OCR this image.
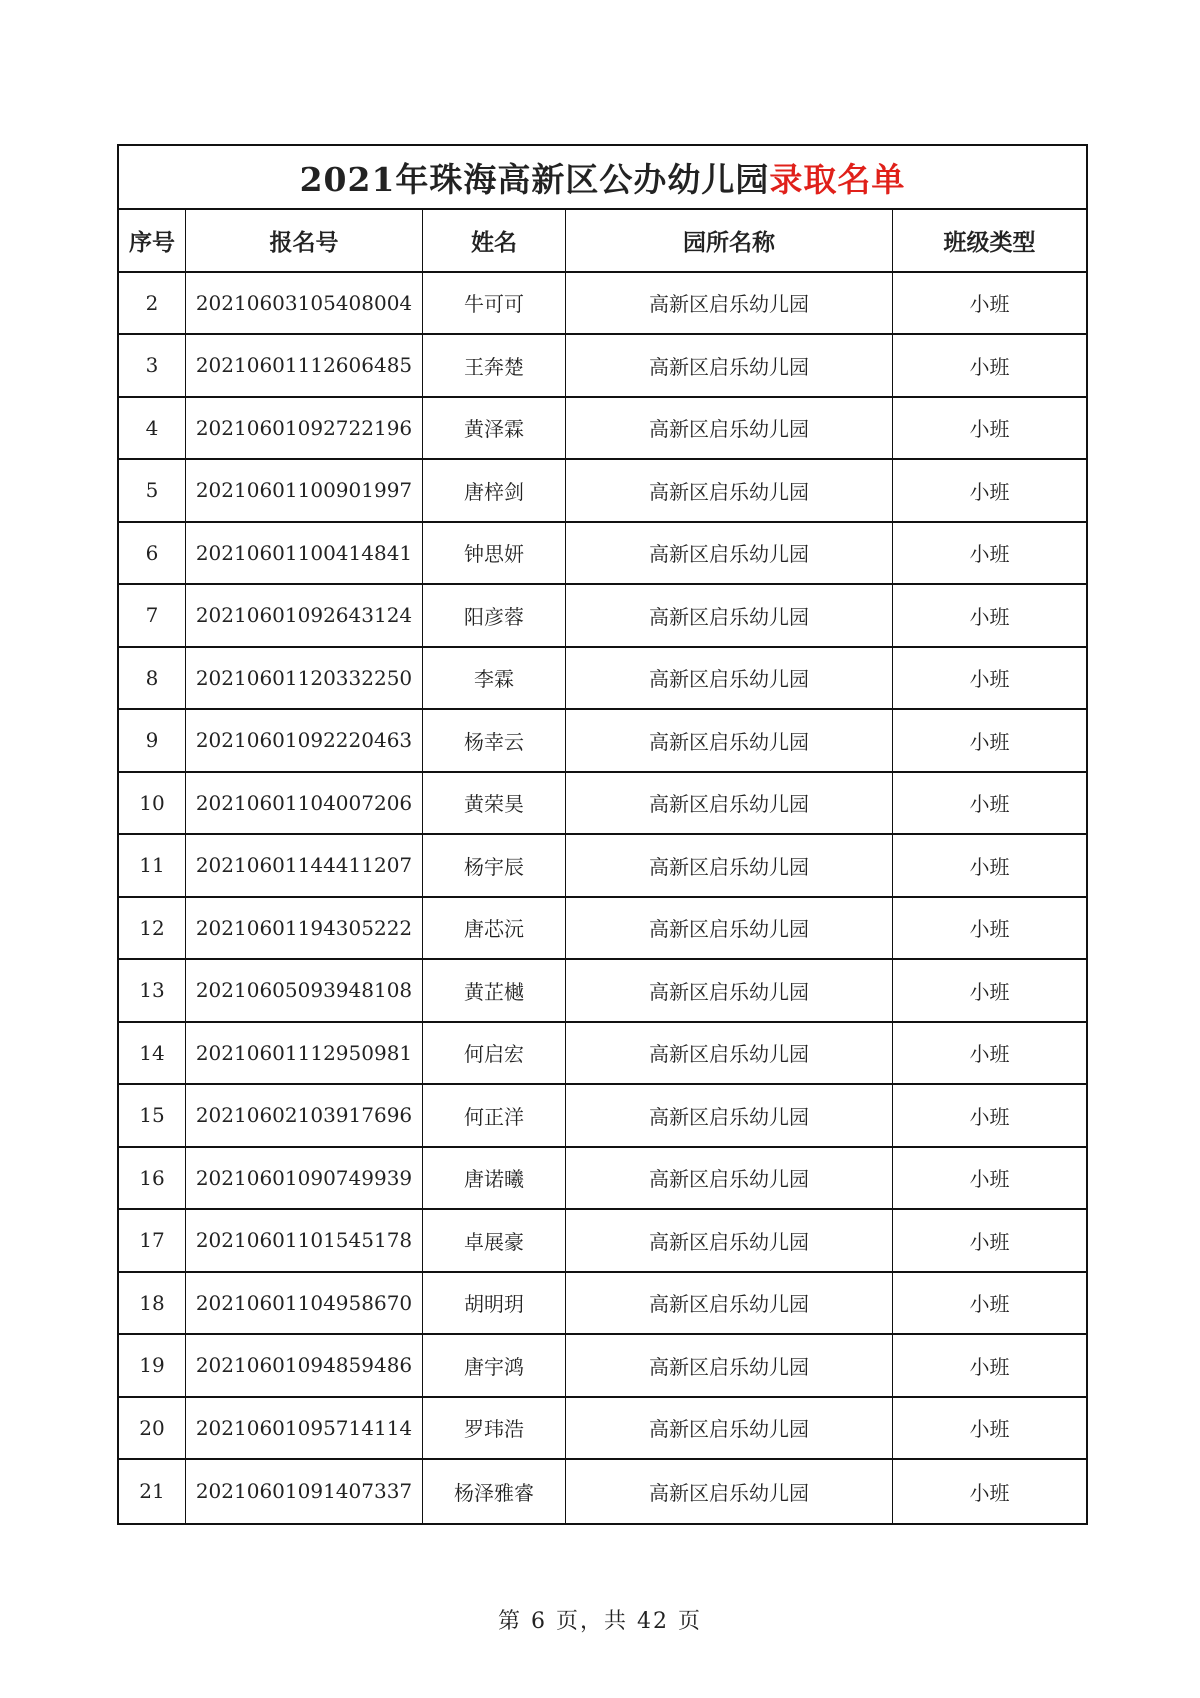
2021年珠海高新区公办幼儿园 录取名单
序号	报名号	姓名	园所名称	班级类型
2	20210603105408004	牛可可	高新区启乐幼儿园	小班
3	20210601112606485	王奔楚	高新区启乐幼儿园	小班
4	20210601092722196	黄泽霖	高新区启乐幼儿园	小班
5	20210601100901997	唐梓剑	高新区启乐幼儿园	小班
6	20210601100414841	钟思妍	高新区启乐幼儿园	小班
7	20210601092643124	阳彦蓉	高新区启乐幼儿园	小班
8	20210601120332250	李霖	高新区启乐幼儿园	小班
9	20210601092220463	杨幸云	高新区启乐幼儿园	小班
10	20210601104007206	黄荣昊	高新区启乐幼儿园	小班
11	20210601144411207	杨宇辰	高新区启乐幼儿园	小班
12	20210601194305222	唐芯沅	高新区启乐幼儿园	小班
13	20210605093948108	黄芷樾	高新区启乐幼儿园	小班
14	20210601112950981	何启宏	高新区启乐幼儿园	小班
15	20210602103917696	何正洋	高新区启乐幼儿园	小班
16	20210601090749939	唐诺曦	高新区启乐幼儿园	小班
17	20210601101545178	卓展豪	高新区启乐幼儿园	小班
18	20210601104958670	胡明玥	高新区启乐幼儿园	小班
19	20210601094859486	唐宇鸿	高新区启乐幼儿园	小班
20	20210601095714114	罗玮浩	高新区启乐幼儿园	小班
21	20210601091407337	杨泽雅睿	高新区启乐幼儿园	小班
第 6 页，共 42 页
